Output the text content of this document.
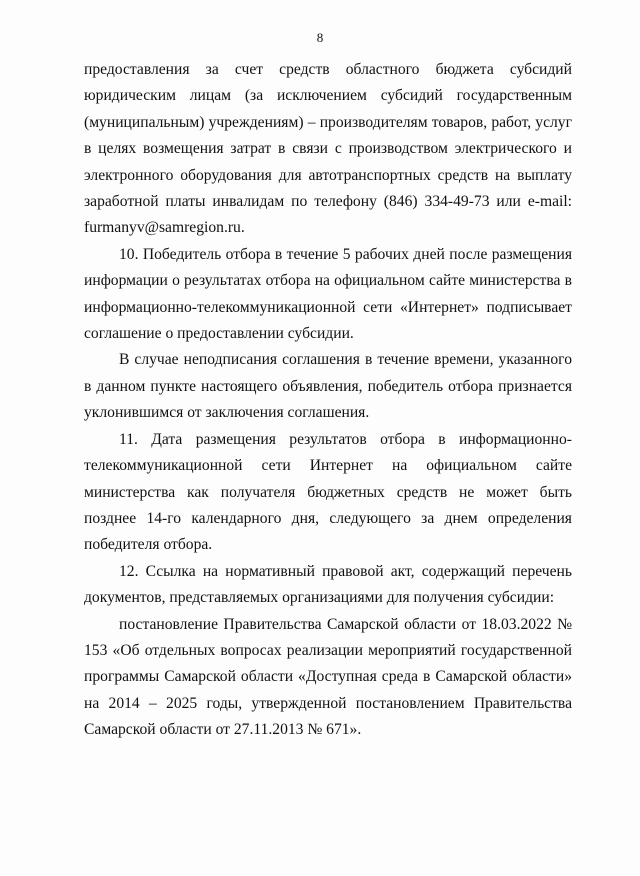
8

предоставления за счет средств областного бюджета субсидий юридическим лицам (за исключением субсидий государственным (муниципальным) учреждениям) – производителям товаров, работ, услуг в целях возмещения затрат в связи с производством электрического и электронного оборудования для автотранспортных средств на выплату заработной платы инвалидам по телефону (846) 334-49-73 или e-mail: furmanyv@samregion.ru.

10. Победитель отбора в течение 5 рабочих дней после размещения информации о результатах отбора на официальном сайте министерства в информационно-телекоммуникационной сети «Интернет» подписывает соглашение о предоставлении субсидии.

В случае неподписания соглашения в течение времени, указанного в данном пункте настоящего объявления, победитель отбора признается уклонившимся от заключения соглашения.

11. Дата размещения результатов отбора в информационно-телекоммуникационной сети Интернет на официальном сайте министерства как получателя бюджетных средств не может быть позднее 14-го календарного дня, следующего за днем определения победителя отбора.

12. Ссылка на нормативный правовой акт, содержащий перечень документов, представляемых организациями для получения субсидии:

постановление Правительства Самарской области от 18.03.2022 № 153 «Об отдельных вопросах реализации мероприятий государственной программы Самарской области «Доступная среда в Самарской области» на 2014 – 2025 годы, утвержденной постановлением Правительства Самарской области от 27.11.2013 № 671».
